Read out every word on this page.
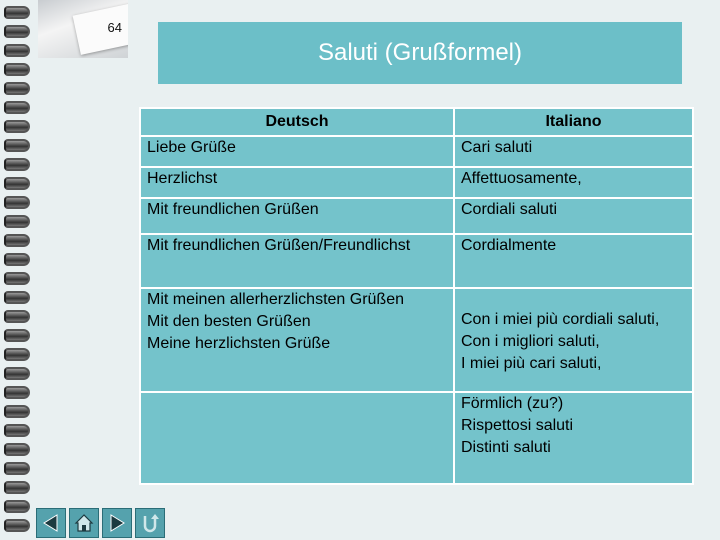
64
Saluti (Grußformel)
Deutsch	Italiano

Liebe Grüße	Cari saluti

Herzlichst	Affettuosamente,

Mit freundlichen Grüßen	Cordiali saluti

Mit freundlichen Grüßen/Freundlichst	Cordialmente

Mit meinen allerherzlichsten Grüßen
Mit den besten Grüßen
Meine herzlichsten Grüße	Con i miei più cordiali saluti,
Con i migliori saluti,
I miei più cari saluti,

	Förmlich (zu?)
Rispettosi saluti
Distinti saluti
